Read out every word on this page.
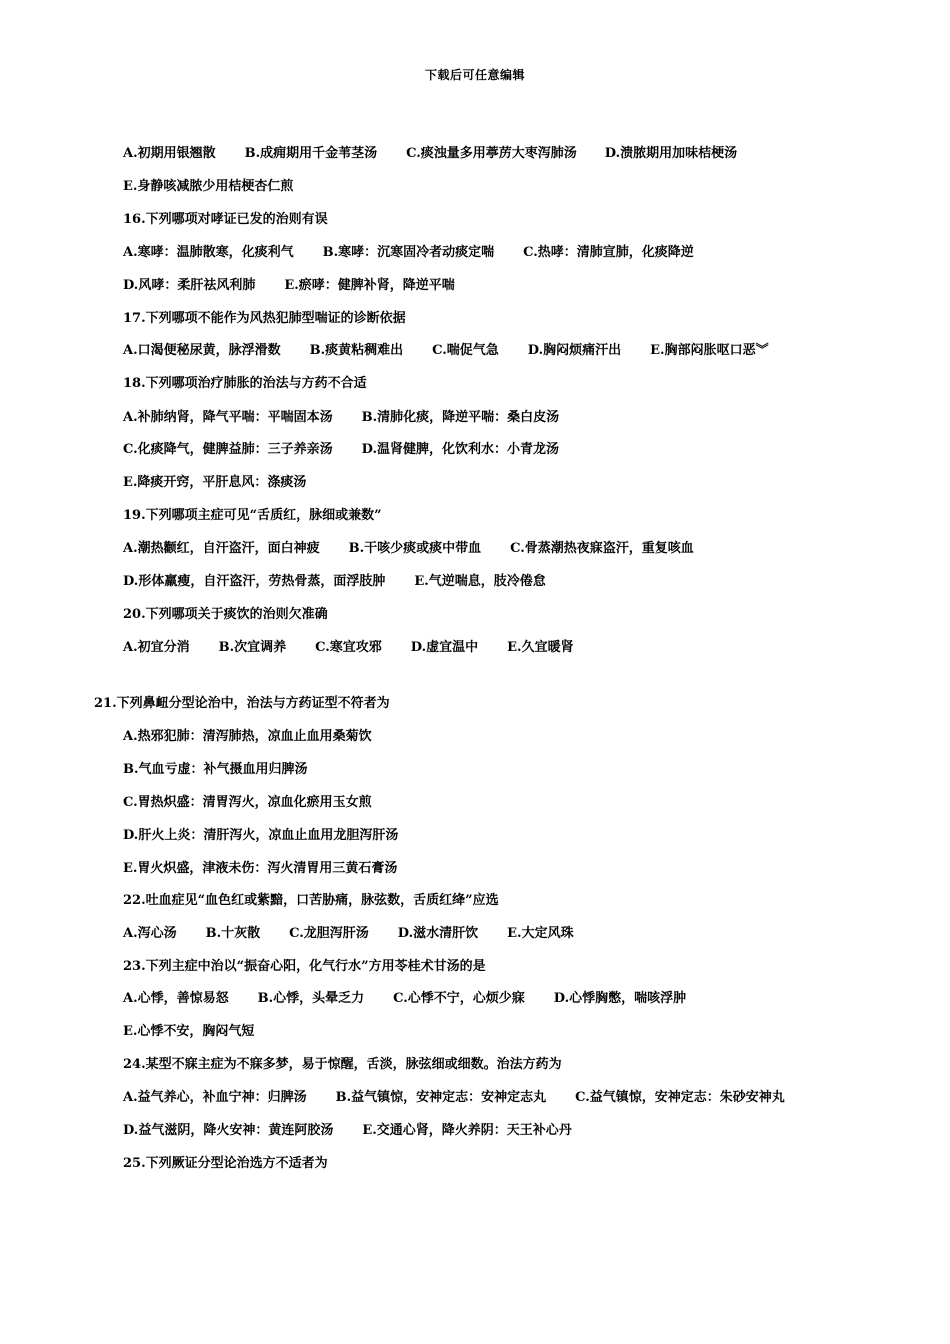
下载后可任意编辑
A.初期用银翘散 B.成痈期用千金苇茎汤 C.痰浊量多用葶苈大枣泻肺汤 D.溃脓期用加味桔梗汤
E.身静咳减脓少用桔梗杏仁煎
16.下列哪项对哮证已发的治则有误
A.寒哮：温肺散寒，化痰利气 B.寒哮：沉寒固冷者动痰定喘 C.热哮：清肺宣肺，化痰降逆
D.风哮：柔肝祛风利肺 E.瘀哮：健脾补肾，降逆平喘
17.下列哪项不能作为风热犯肺型喘证的诊断依据
A.口渴便秘尿黄，脉浮滑数 B.痰黄粘稠难出 C.喘促气急 D.胸闷烦痛汗出 E.胸部闷胀呕口恶︾
18.下列哪项治疗肺胀的治法与方药不合适
A.补肺纳肾，降气平喘：平喘固本汤 B.清肺化痰，降逆平喘：桑白皮汤
C.化痰降气，健脾益肺：三子养亲汤 D.温肾健脾，化饮利水：小青龙汤
E.降痰开窍，平肝息风：涤痰汤
19.下列哪项主症可见“舌质红，脉细或兼数”
A.潮热颧红，自汗盗汗，面白神疲 B.干咳少痰或痰中带血 C.骨蒸潮热夜寐盗汗，重复咳血
D.形体羸瘦，自汗盗汗，劳热骨蒸，面浮肢肿 E.气逆喘息，肢冷倦怠
20.下列哪项关于痰饮的治则欠准确
A.初宜分消 B.次宜调养 C.寒宜攻邪 D.虚宜温中 E.久宜暖肾
21.下列鼻衄分型论治中，治法与方药证型不符者为
A.热邪犯肺：清泻肺热，凉血止血用桑菊饮
B.气血亏虚：补气摄血用归脾汤
C.胃热炽盛：清胃泻火，凉血化瘀用玉女煎
D.肝火上炎：清肝泻火，凉血止血用龙胆泻肝汤
E.胃火炽盛，津液未伤：泻火清胃用三黄石膏汤
22.吐血症见“血色红或紫黯，口苦胁痛，脉弦数，舌质红绛”应选
A.泻心汤 B.十灰散 C.龙胆泻肝汤 D.滋水清肝饮 E.大定风珠
23.下列主症中治以“振奋心阳，化气行水”方用苓桂术甘汤的是
A.心悸，善惊易怒 B.心悸，头晕乏力 C.心悸不宁，心烦少寐 D.心悸胸憋，喘咳浮肿
E.心悸不安，胸闷气短
24.某型不寐主症为不寐多梦，易于惊醒，舌淡，脉弦细或细数。治法方药为
A.益气养心，补血宁神：归脾汤 B.益气镇惊，安神定志：安神定志丸 C.益气镇惊，安神定志：朱砂安神丸
D.益气滋阴，降火安神：黄连阿胶汤 E.交通心肾，降火养阴：天王补心丹
25.下列厥证分型论治选方不适者为
